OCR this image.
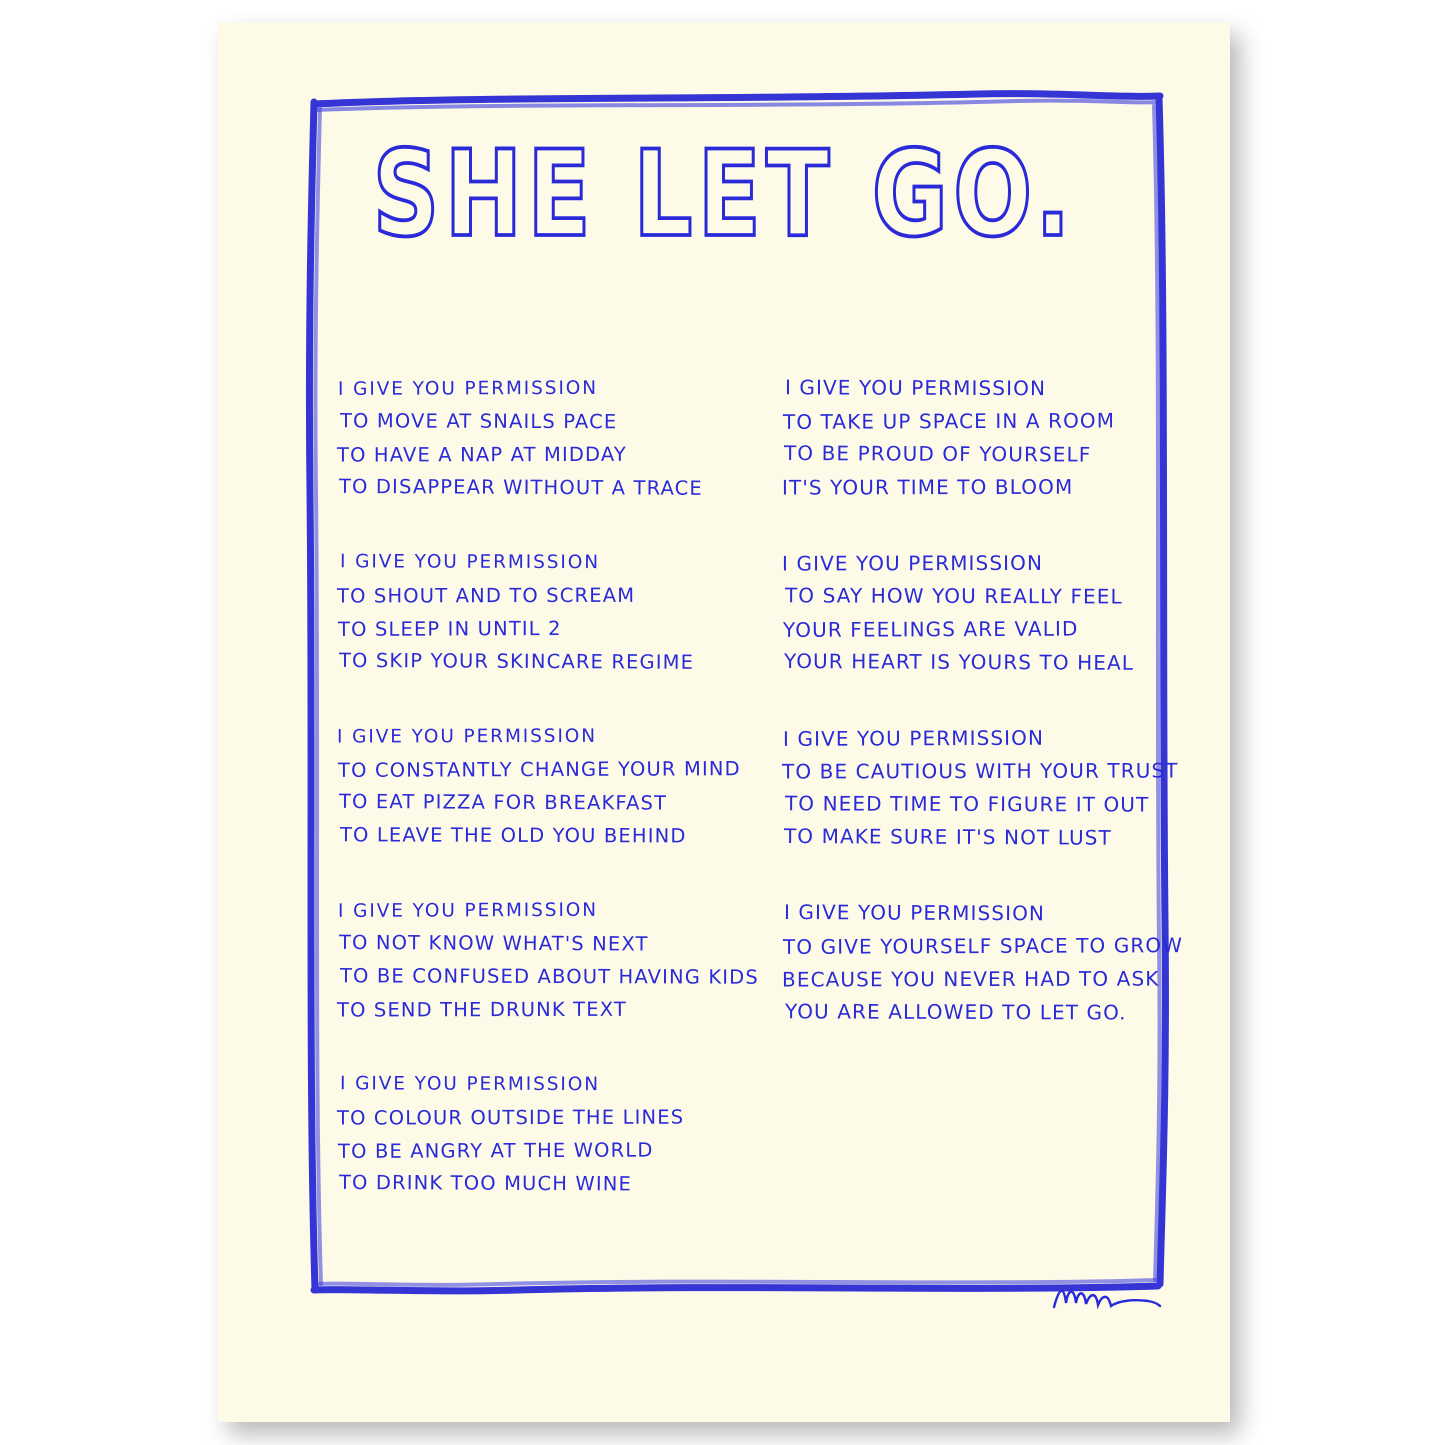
SHE LET GO.
I GIVE YOU PERMISSION
TO MOVE AT SNAILS PACE
TO HAVE A NAP AT MIDDAY
TO DISAPPEAR WITHOUT A TRACE
I GIVE YOU PERMISSION
TO SHOUT AND TO SCREAM
TO SLEEP IN UNTIL 2
TO SKIP YOUR SKINCARE REGIME
I GIVE YOU PERMISSION
TO CONSTANTLY CHANGE YOUR MIND
TO EAT PIZZA FOR BREAKFAST
TO LEAVE THE OLD YOU BEHIND
I GIVE YOU PERMISSION
TO NOT KNOW WHAT'S NEXT
TO BE CONFUSED ABOUT HAVING KIDS
TO SEND THE DRUNK TEXT
I GIVE YOU PERMISSION
TO COLOUR OUTSIDE THE LINES
TO BE ANGRY AT THE WORLD
TO DRINK TOO MUCH WINE
I GIVE YOU PERMISSION
TO TAKE UP SPACE IN A ROOM
TO BE PROUD OF YOURSELF
IT'S YOUR TIME TO BLOOM
I GIVE YOU PERMISSION
TO SAY HOW YOU REALLY FEEL
YOUR FEELINGS ARE VALID
YOUR HEART IS YOURS TO HEAL
I GIVE YOU PERMISSION
TO BE CAUTIOUS WITH YOUR TRUST
TO NEED TIME TO FIGURE IT OUT
TO MAKE SURE IT'S NOT LUST
I GIVE YOU PERMISSION
TO GIVE YOURSELF SPACE TO GROW
BECAUSE YOU NEVER HAD TO ASK
YOU ARE ALLOWED TO LET GO.
